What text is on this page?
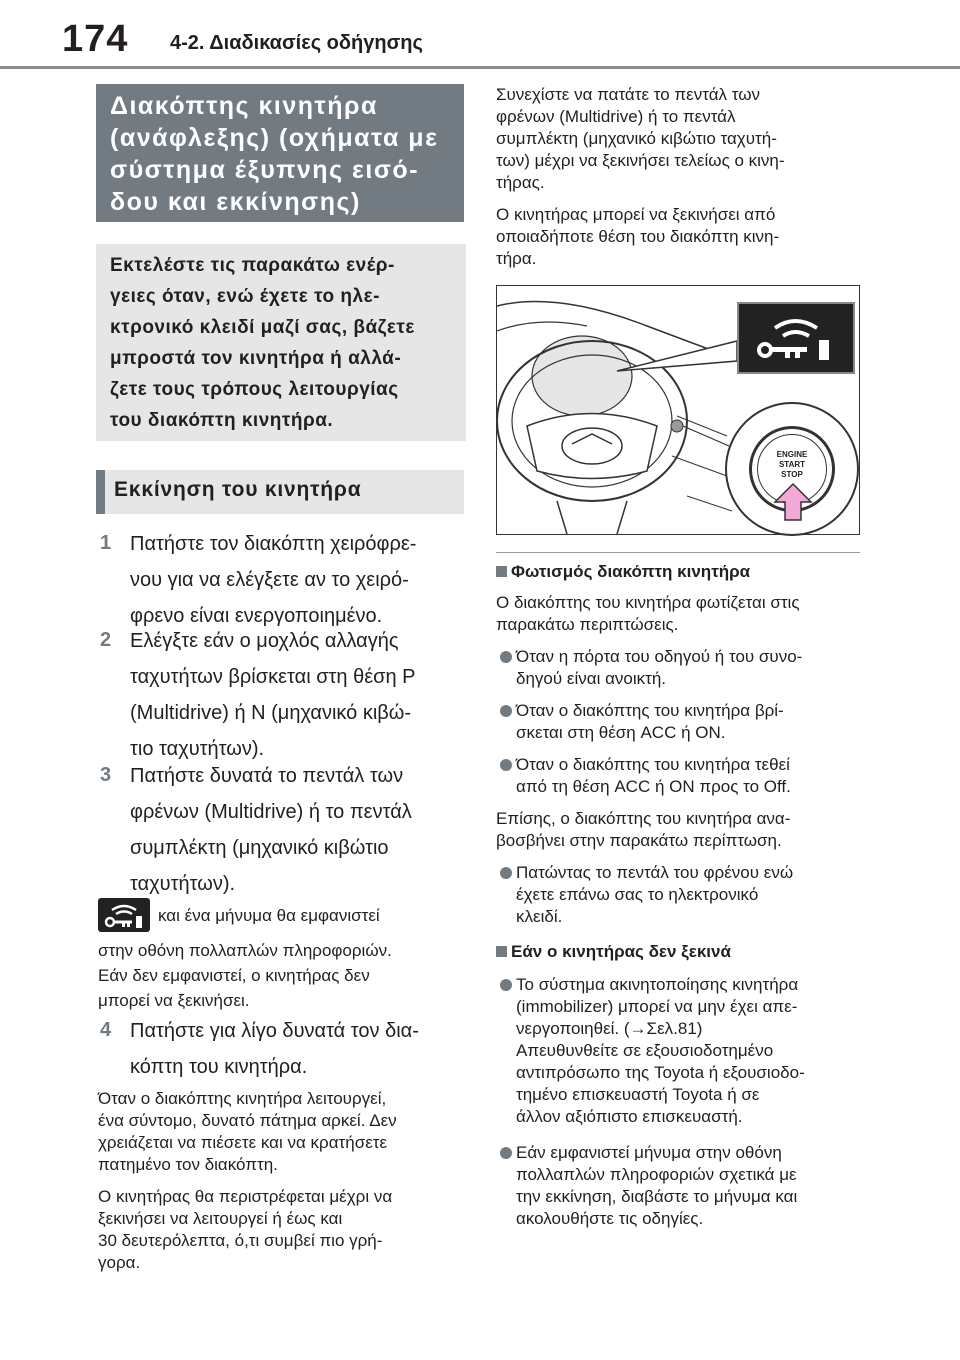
174 4-2. Διαδικασίες οδήγησης
Διακόπτης κινητήρα
(ανάφλεξης) (οχήματα με
σύστημα έξυπνης εισό-
δου και εκκίνησης)
Εκτελέστε τις παρακάτω ενέρ-
γειες όταν, ενώ έχετε το ηλε-
κτρονικό κλειδί μαζί σας, βάζετε
μπροστά τον κινητήρα ή αλλά-
ζετε τους τρόπους λειτουργίας
του διακόπτη κινητήρα.
Εκκίνηση του κινητήρα
1 Πατήστε τον διακόπτη χειρόφρε-
νου για να ελέγξετε αν το χειρό-
φρενο είναι ενεργοποιημένο.
2 Ελέγξτε εάν ο μοχλός αλλαγής
ταχυτήτων βρίσκεται στη θέση P
(Multidrive) ή N (μηχανικό κιβώ-
τιο ταχυτήτων).
3 Πατήστε δυνατά το πεντάλ των
φρένων (Multidrive) ή το πεντάλ
συμπλέκτη (μηχανικό κιβώτιο
ταχυτήτων).
και ένα μήνυμα θα εμφανιστεί
στην οθόνη πολλαπλών πληροφοριών.
Εάν δεν εμφανιστεί, ο κινητήρας δεν
μπορεί να ξεκινήσει.
4 Πατήστε για λίγο δυνατά τον δια-
κόπτη του κινητήρα.
Όταν ο διακόπτης κινητήρα λειτουργεί,
ένα σύντομο, δυνατό πάτημα αρκεί. Δεν
χρειάζεται να πιέσετε και να κρατήσετε
πατημένο τον διακόπτη.
Ο κινητήρας θα περιστρέφεται μέχρι να
ξεκινήσει να λειτουργεί ή έως και
30 δευτερόλεπτα, ό,τι συμβεί πιο γρή-
γορα.
Συνεχίστε να πατάτε το πεντάλ των
φρένων (Multidrive) ή το πεντάλ
συμπλέκτη (μηχανικό κιβώτιο ταχυτή-
των) μέχρι να ξεκινήσει τελείως ο κινη-
τήρας.
Ο κινητήρας μπορεί να ξεκινήσει από
οποιαδήποτε θέση του διακόπτη κινη-
τήρα.
ENGINE
START
STOP
Φωτισμός διακόπτη κινητήρα
Ο διακόπτης του κινητήρα φωτίζεται στις
παρακάτω περιπτώσεις.
Όταν η πόρτα του οδηγού ή του συνο-
δηγού είναι ανοικτή.
Όταν ο διακόπτης του κινητήρα βρί-
σκεται στη θέση ACC ή ON.
Όταν ο διακόπτης του κινητήρα τεθεί
από τη θέση ACC ή ON προς το Off.
Επίσης, ο διακόπτης του κινητήρα ανα-
βοσβήνει στην παρακάτω περίπτωση.
Πατώντας το πεντάλ του φρένου ενώ
έχετε επάνω σας το ηλεκτρονικό
κλειδί.
Εάν ο κινητήρας δεν ξεκινά
Το σύστημα ακινητοποίησης κινητήρα
(immobilizer) μπορεί να μην έχει απε-
νεργοποιηθεί. (→Σελ.81)
Απευθυνθείτε σε εξουσιοδοτημένο
αντιπρόσωπο της Toyota ή εξουσιοδο-
τημένο επισκευαστή Toyota ή σε
άλλον αξιόπιστο επισκευαστή.
Εάν εμφανιστεί μήνυμα στην οθόνη
πολλαπλών πληροφοριών σχετικά με
την εκκίνηση, διαβάστε το μήνυμα και
ακολουθήστε τις οδηγίες.
